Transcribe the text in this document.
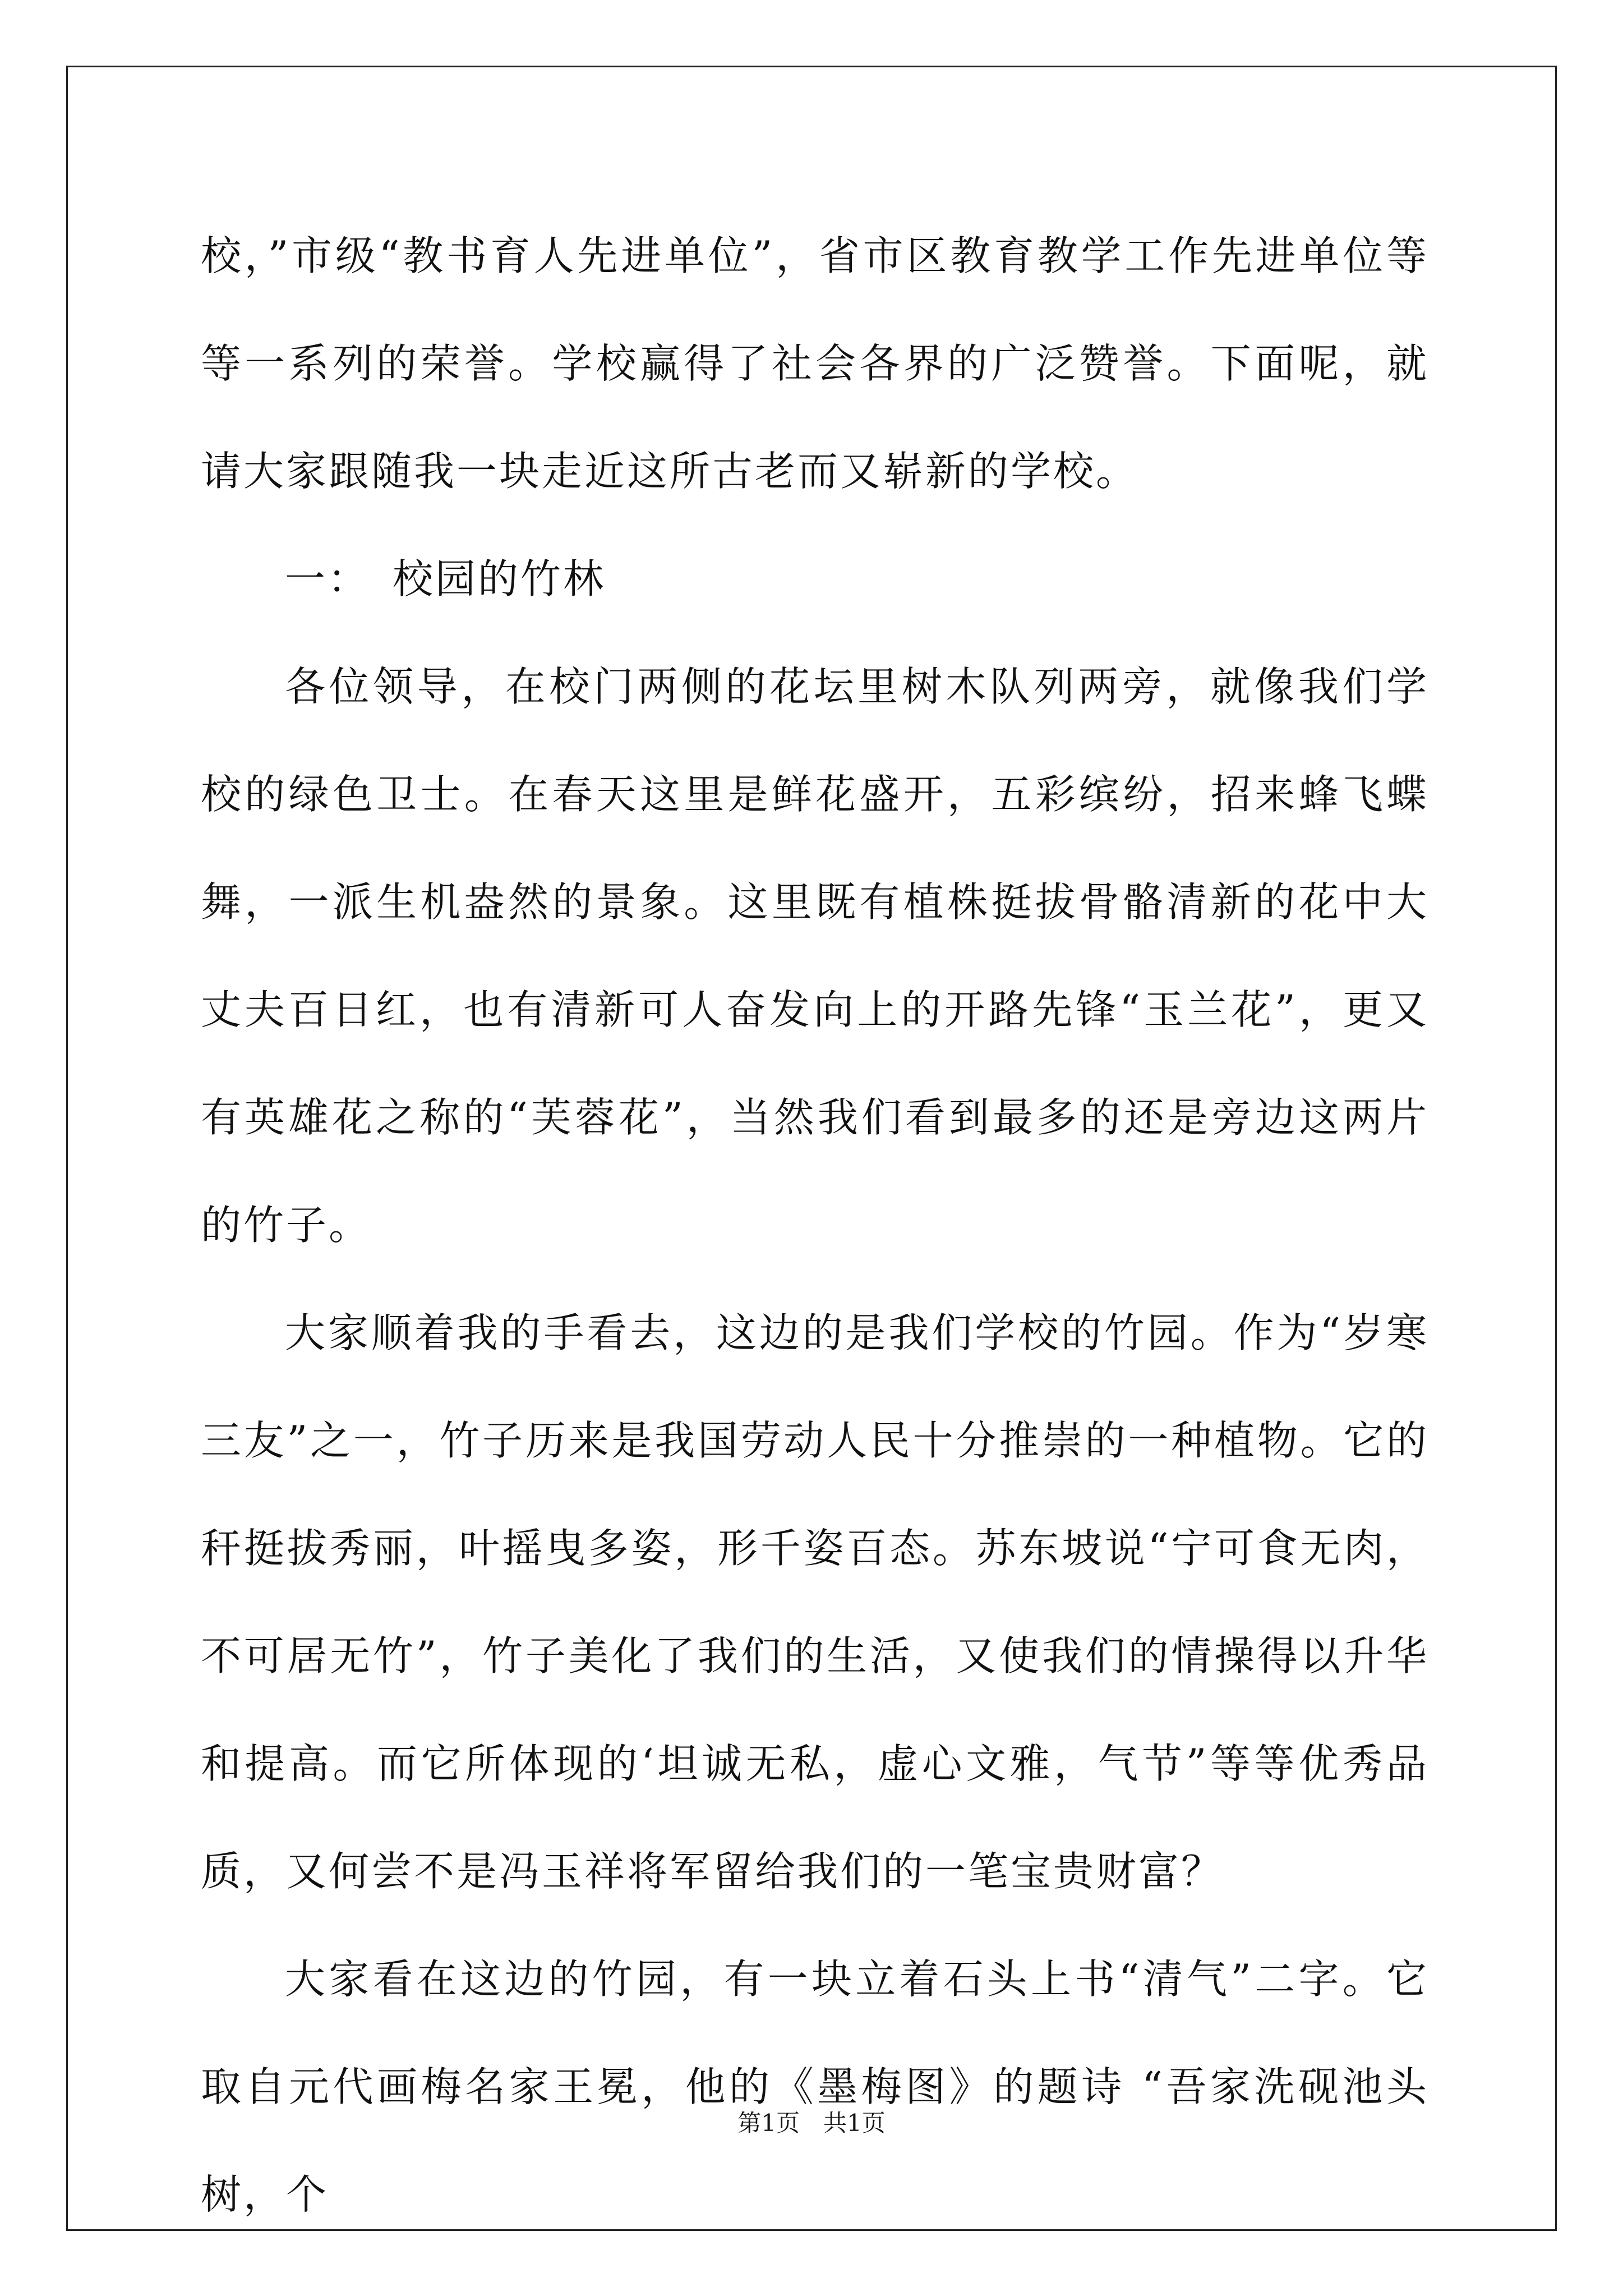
校，”市级“教书育人先进单位”，省市区教育教学工作先进单位等等一系列的荣誉。学校赢得了社会各界的广泛赞誉。下面呢，就请大家跟随我一块走近这所古老而又崭新的学校。

一：　校园的竹林

各位领导，在校门两侧的花坛里树木队列两旁，就像我们学校的绿色卫士。在春天这里是鲜花盛开，五彩缤纷，招来蜂飞蝶舞，一派生机盎然的景象。这里既有植株挺拔骨骼清新的花中大丈夫百日红，也有清新可人奋发向上的开路先锋“玉兰花”，更又有英雄花之称的“芙蓉花”，当然我们看到最多的还是旁边这两片的竹子。

大家顺着我的手看去，这边的是我们学校的竹园。作为“岁寒三友”之一，竹子历来是我国劳动人民十分推崇的一种植物。它的秆挺拔秀丽，叶摇曳多姿，形千姿百态。苏东坡说“宁可食无肉，不可居无竹”，竹子美化了我们的生活，又使我们的情操得以升华和提高。而它所体现的‘坦诚无私，虚心文雅，气节”等等优秀品质，又何尝不是冯玉祥将军留给我们的一笔宝贵财富？

大家看在这边的竹园，有一块立着石头上书“清气”二字。它取自元代画梅名家王冕，他的《墨梅图》的题诗 “吾家洗砚池头树，个

第1页　共1页
